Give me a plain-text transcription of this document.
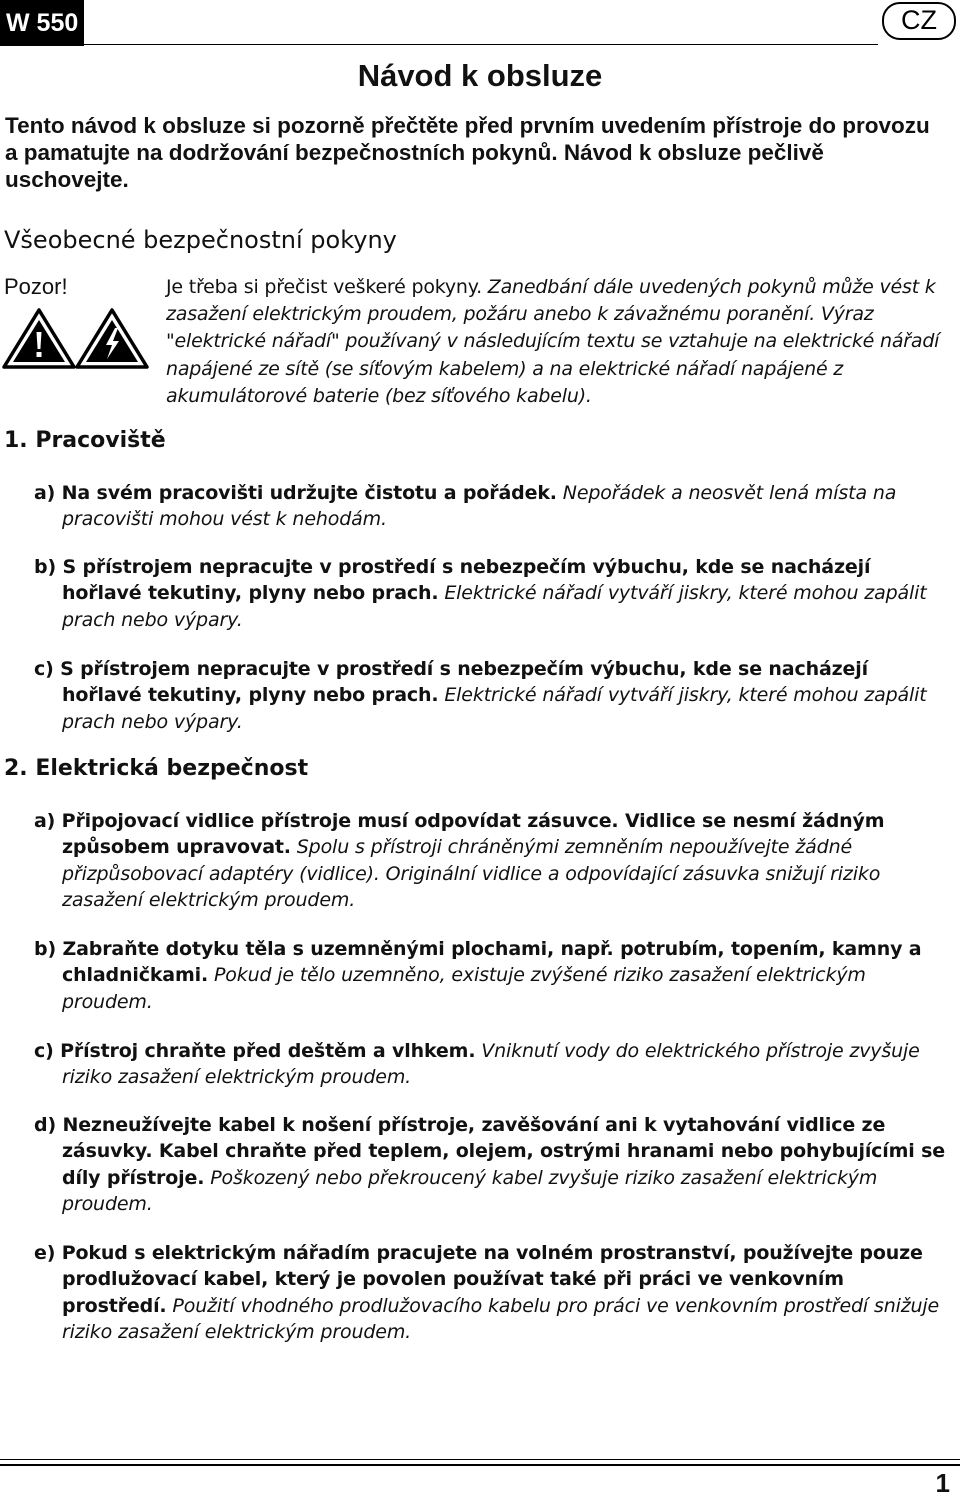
W 550	CZ
Návod k obsluze

Tento návod k obsluze si pozorně přečtěte před prvním uvedením přístroje do provozu a pamatujte na dodržování bezpečnostních pokynů. Návod k obsluze pečlivě uschovejte.

Všeobecné bezpečnostní pokyny
Pozor!	Je třeba si přečist veškeré pokyny. Zanedbání dále uvedených pokynů může vést k zasažení elektrickým proudem, požáru anebo k závažnému poranění. Výraz "elektrické nářadí" používaný v následujícím textu se vztahuje na elektrické nářadí napájené ze sítě (se síťovým kabelem) a na elektrické nářadí napájené z akumulátorové baterie (bez síťového kabelu).

1. Pracoviště

a) Na svém pracovišti udržujte čistotu a pořádek. Nepořádek a neosvět lená místa na pracovišti mohou vést k nehodám.

b) S přístrojem nepracujte v prostředí s nebezpečím výbuchu, kde se nacházejí hořlavé tekutiny, plyny nebo prach. Elektrické nářadí vytváří jiskry, které mohou zapálit prach nebo výpary.

c) S přístrojem nepracujte v prostředí s nebezpečím výbuchu, kde se nacházejí hořlavé tekutiny, plyny nebo prach. Elektrické nářadí vytváří jiskry, které mohou zapálit prach nebo výpary.

2. Elektrická bezpečnost

a) Připojovací vidlice přístroje musí odpovídat zásuvce. Vidlice se nesmí žádným způsobem upravovat. Spolu s přístroji chráněnými zemněním nepoužívejte žádné přizpůsobovací adaptéry (vidlice). Originální vidlice a odpovídající zásuvka snižují riziko zasažení elektrickým proudem.

b) Zabraňte dotyku těla s uzemněnými plochami, např. potrubím, topením, kamny a chladničkami. Pokud je tělo uzemněno, existuje zvýšené riziko zasažení elektrickým proudem.

c) Přístroj chraňte před deštěm a vlhkem. Vniknutí vody do elektrického přístroje zvyšuje riziko zasažení elektrickým proudem.

d) Nezneužívejte kabel k nošení přístroje, zavěšování ani k vytahování vidlice ze zásuvky. Kabel chraňte před teplem, olejem, ostrými hranami nebo pohybujícími se díly přístroje. Poškozený nebo překroucený kabel zvyšuje riziko zasažení elektrickým proudem.

e) Pokud s elektrickým nářadím pracujete na volném prostranství, používejte pouze prodlužovací kabel, který je povolen používat také při práci ve venkovním prostředí. Použití vhodného prodlužovacího kabelu pro práci ve venkovním prostředí snižuje riziko zasažení elektrickým proudem.

1
